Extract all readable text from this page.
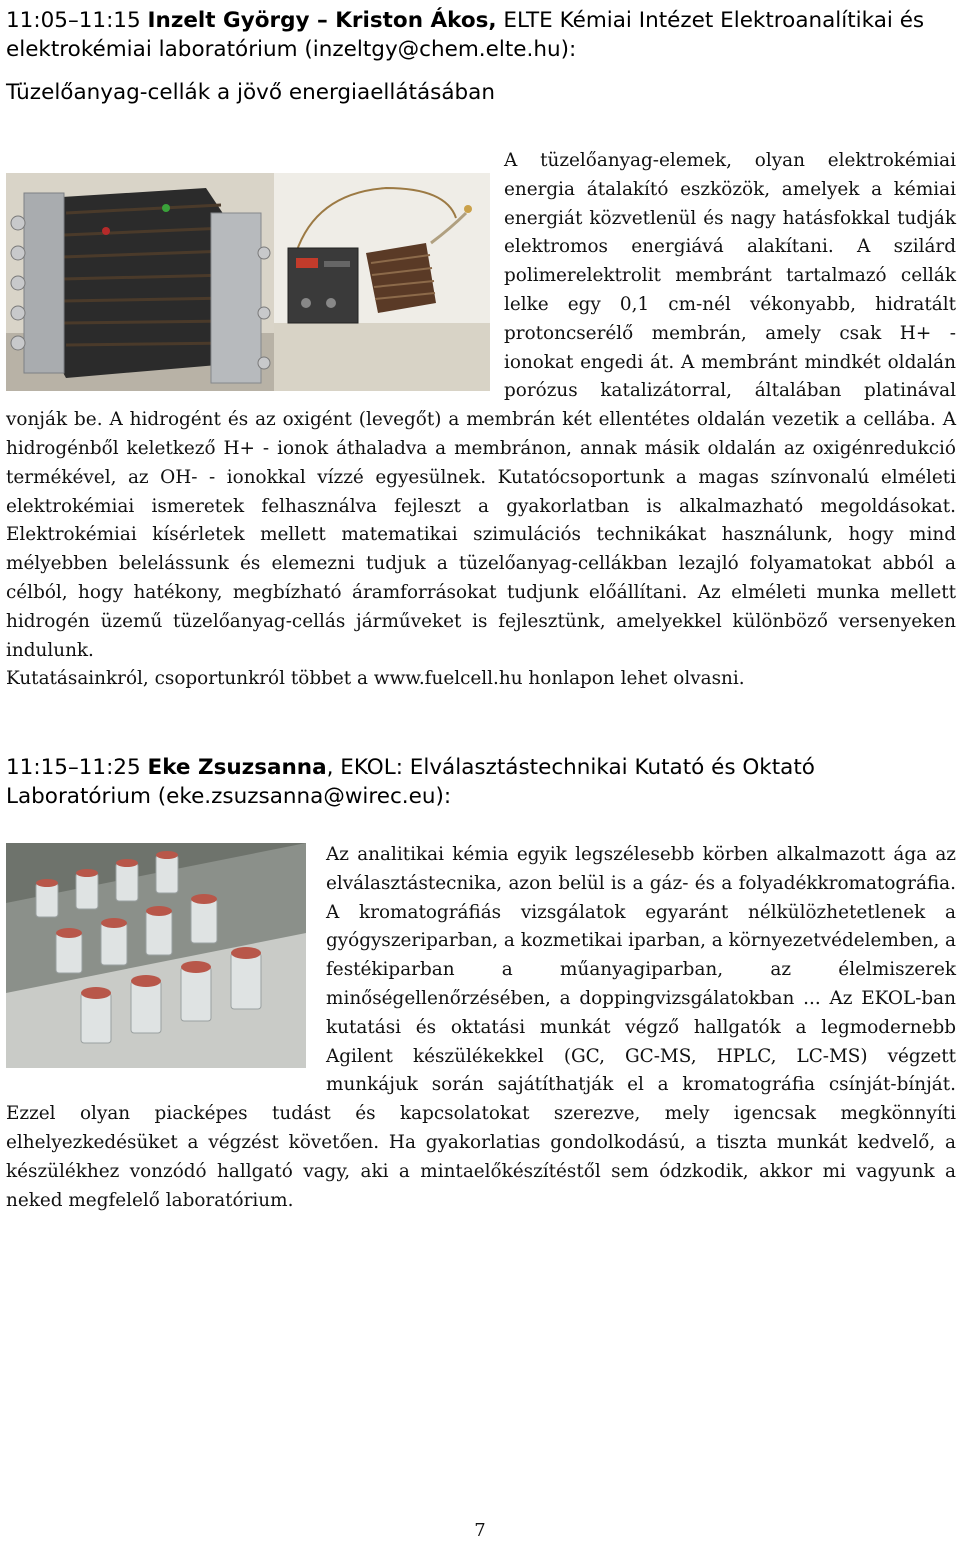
11:05–11:15 Inzelt György – Kriston Ákos, ELTE Kémiai Intézet Elektroanalítikai és elektrokémiai laboratórium (inzeltgy@chem.elte.hu):

Tüzelőanyag-cellák a jövő energiaellátásában

A tüzelőanyag-elemek, olyan elektrokémiai energia átalakító eszközök, amelyek a kémiai energiát közvetlenül és nagy hatásfokkal tudják elektromos energiává alakítani. A szilárd polimerelektrolit membránt tartalmazó cellák lelke egy 0,1 cm-nél vékonyabb, hidratált protoncserélő membrán, amely csak H+ - ionokat engedi át. A membránt mindkét oldalán porózus katalizátorral, általában platinával vonják be. A hidrogént és az oxigént (levegőt) a membrán két ellentétes oldalán vezetik a cellába. A hidrogénből keletkező H+ - ionok áthaladva a membránon, annak másik oldalán az oxigénredukció termékével, az OH- - ionokkal vízzé egyesülnek. Kutatócsoportunk a magas színvonalú elméleti elektrokémiai ismeretek felhasználva fejleszt a gyakorlatban is alkalmazható megoldásokat. Elektrokémiai kísérletek mellett matematikai szimulációs technikákat használunk, hogy mind mélyebben belelássunk és elemezni tudjuk a tüzelőanyag-cellákban lezajló folyamatokat abból a célból, hogy hatékony, megbízható áramforrásokat tudjunk előállítani. Az elméleti munka mellett hidrogén üzemű tüzelőanyag-cellás járműveket is fejlesztünk, amelyekkel különböző versenyeken indulunk.
Kutatásainkról, csoportunkról többet a www.fuelcell.hu honlapon lehet olvasni.

11:15–11:25 Eke Zsuzsanna, EKOL: Elválasztástechnikai Kutató és Oktató Laboratórium (eke.zsuzsanna@wirec.eu):

Az analitikai kémia egyik legszélesebb körben alkalmazott ága az elválasztástecnika, azon belül is a gáz- és a folyadékkromatográfia. A kromatográfiás vizsgálatok egyaránt nélkülözhetetlenek a gyógyszeriparban, a kozmetikai iparban, a környezetvédelemben, a festékiparban a műanyagiparban, az élelmiszerek minőségellenőrzésében, a doppingvizsgálatokban ... Az EKOL-ban kutatási és oktatási munkát végző hallgatók a legmodernebb Agilent készülékekkel (GC, GC-MS, HPLC, LC-MS) végzett munkájuk során sajátíthatják el a kromatográfia csínját-bínját. Ezzel olyan piacképes tudást és kapcsolatokat szerezve, mely igencsak megkönnyíti elhelyezkedésüket a végzést követően. Ha gyakorlatias gondolkodású, a tiszta munkát kedvelő, a készülékhez vonzódó hallgató vagy, aki a mintaelőkészítéstől sem ódzkodik, akkor mi vagyunk a neked megfelelő laboratórium.
7
